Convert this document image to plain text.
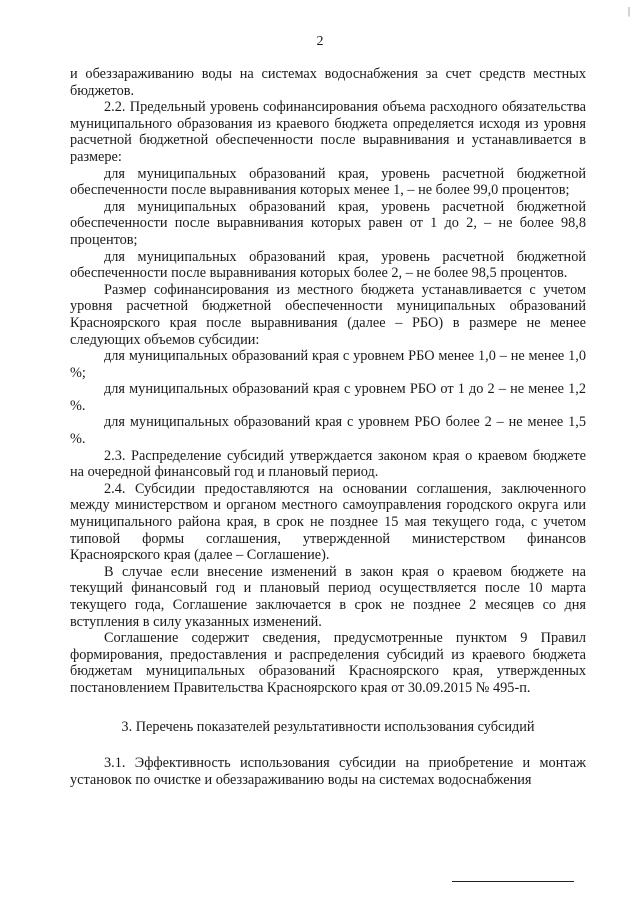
|
2

и обеззараживанию воды на системах водоснабжения за счет средств местных бюджетов.

2.2. Предельный уровень софинансирования объема расходного обязательства муниципального образования из краевого бюджета определяется исходя из уровня расчетной бюджетной обеспеченности после выравнивания и устанавливается в размере:

для муниципальных образований края, уровень расчетной бюджетной обеспеченности после выравнивания которых менее 1, – не более 99,0 процентов;

для муниципальных образований края, уровень расчетной бюджетной обеспеченности после выравнивания которых равен от 1 до 2, – не более 98,8 процентов;

для муниципальных образований края, уровень расчетной бюджетной обеспеченности после выравнивания которых более 2, – не более 98,5 процентов.

Размер софинансирования из местного бюджета устанавливается с учетом уровня расчетной бюджетной обеспеченности муниципальных образований Красноярского края после выравнивания (далее – РБО) в размере не менее следующих объемов субсидии:

для муниципальных образований края с уровнем РБО менее 1,0 – не менее 1,0 %;

для муниципальных образований края с уровнем РБО от 1 до 2 – не менее 1,2 %.

для муниципальных образований края с уровнем РБО более 2 – не менее 1,5 %.

2.3. Распределение субсидий утверждается законом края о краевом бюджете на очередной финансовый год и плановый период.

2.4. Субсидии предоставляются на основании соглашения, заключенного между министерством и органом местного самоуправления городского округа или муниципального района края, в срок не позднее 15 мая текущего года, с учетом типовой формы соглашения, утвержденной министерством финансов Красноярского края (далее – Соглашение).

В случае если внесение изменений в закон края о краевом бюджете на текущий финансовый год и плановый период осуществляется после 10 марта текущего года, Соглашение заключается в срок не позднее 2 месяцев со дня вступления в силу указанных изменений.

Соглашение содержит сведения, предусмотренные пунктом 9 Правил формирования, предоставления и распределения субсидий из краевого бюджета бюджетам муниципальных образований Красноярского края, утвержденных постановлением Правительства Красноярского края от 30.09.2015 № 495-п.

3. Перечень показателей результативности использования субсидий

3.1. Эффективность использования субсидии на приобретение и монтаж установок по очистке и обеззараживанию воды на системах водоснабжения
